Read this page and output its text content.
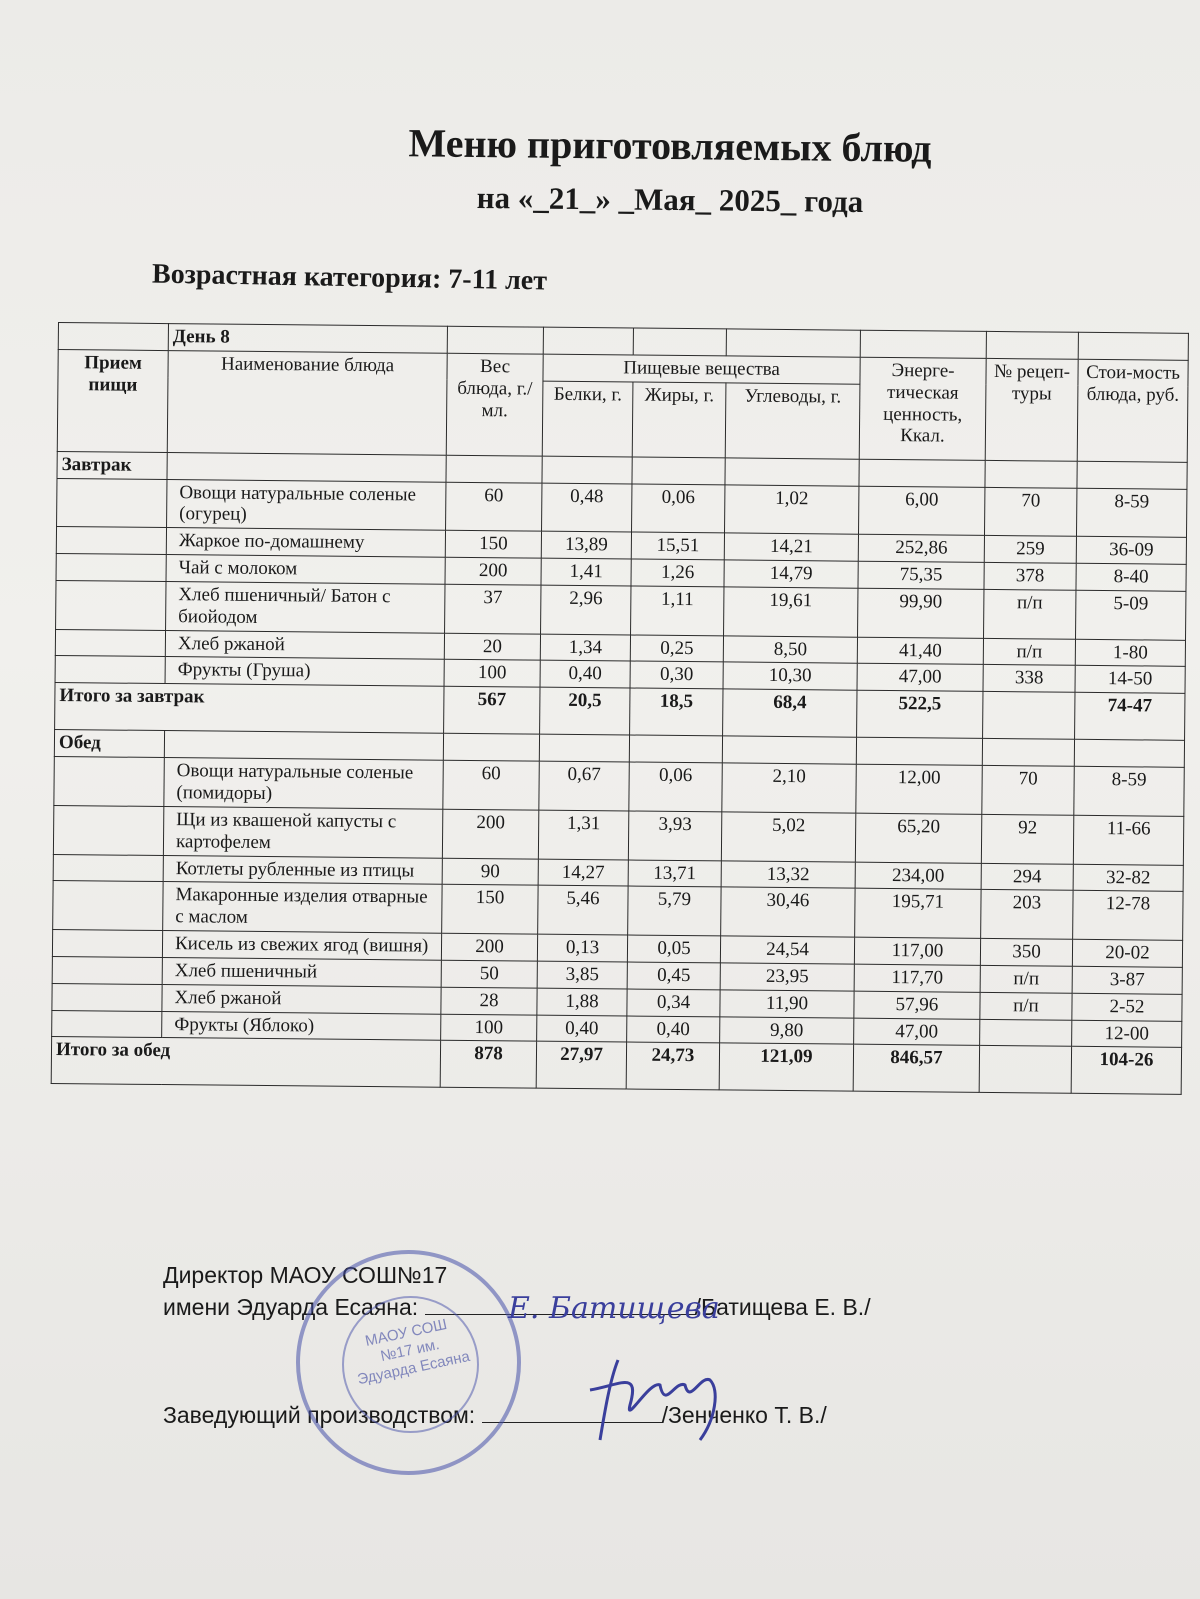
Меню приготовляемых блюд
на «_21_» _Мая_ 2025_ года
Возрастная категория: 7-11 лет
	День 8							
Прием пищи	Наименование блюда	Вес блюда, г./мл.	Пищевые вещества			Энерге-тическая ценность, Ккал.	№ рецеп-туры	Стои-мость блюда, руб.
			Белки, г.	Жиры, г.	Углеводы, г.			
Завтрак								
	Овощи натуральные соленые (огурец)	60	0,48	0,06	1,02	6,00	70	8-59
	Жаркое по-домашнему	150	13,89	15,51	14,21	252,86	259	36-09
	Чай с молоком	200	1,41	1,26	14,79	75,35	378	8-40
	Хлеб пшеничный/ Батон с биойодом	37	2,96	1,11	19,61	99,90	п/п	5-09
	Хлеб ржаной	20	1,34	0,25	8,50	41,40	п/п	1-80
	Фрукты (Груша)	100	0,40	0,30	10,30	47,00	338	14-50
Итого за завтрак		567	20,5	18,5	68,4	522,5		74-47
Обед								
	Овощи натуральные соленые (помидоры)	60	0,67	0,06	2,10	12,00	70	8-59
	Щи из квашеной капусты с картофелем	200	1,31	3,93	5,02	65,20	92	11-66
	Котлеты рубленные из птицы	90	14,27	13,71	13,32	234,00	294	32-82
	Макаронные изделия отварные с маслом	150	5,46	5,79	30,46	195,71	203	12-78
	Кисель из свежих ягод (вишня)	200	0,13	0,05	24,54	117,00	350	20-02
	Хлеб пшеничный	50	3,85	0,45	23,95	117,70	п/п	3-87
	Хлеб ржаной	28	1,88	0,34	11,90	57,96	п/п	2-52
	Фрукты (Яблоко)	100	0,40	0,40	9,80	47,00		12-00
Итого за обед		878	27,97	24,73	121,09	846,57		104-26
Директор МАОУ СОШ№17
имени Эдуарда Есаяна:	/Батищева Е. В./
Заведующий производством:	/Зенченко Т. В./
МАОУ СОШ №17 им. Эдуарда Есаяна
Е. Батищева
